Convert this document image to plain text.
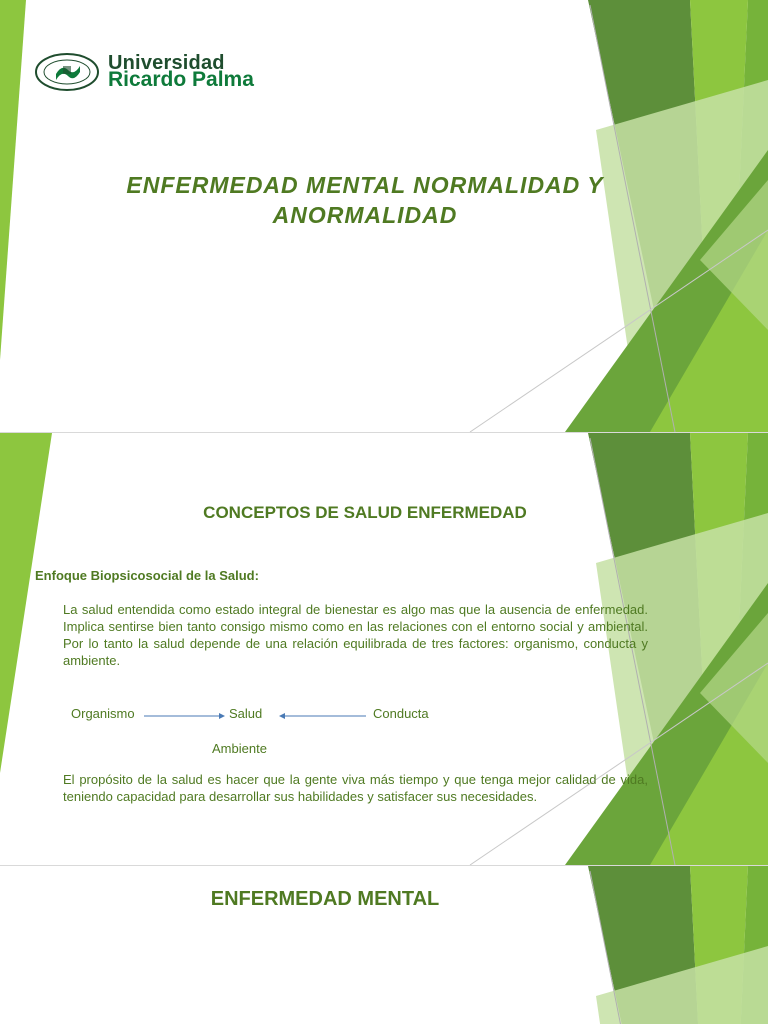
Universidad
Ricardo Palma
ENFERMEDAD MENTAL NORMALIDAD Y ANORMALIDAD
CONCEPTOS DE SALUD ENFERMEDAD

Enfoque Biopsicosocial de la Salud:

La salud entendida como estado integral de bienestar es algo mas que la ausencia de enfermedad. Implica sentirse bien tanto consigo mismo como en las relaciones con el entorno social y ambiental. Por lo tanto la salud depende de una relación equilibrada de tres factores: organismo, conducta y ambiente.

Organismo	Salud	Conducta
Ambiente

El propósito de la salud es hacer que la gente viva más tiempo y que tenga mejor calidad de vida, teniendo capacidad para desarrollar sus habilidades y satisfacer sus necesidades.

ENFERMEDAD MENTAL
